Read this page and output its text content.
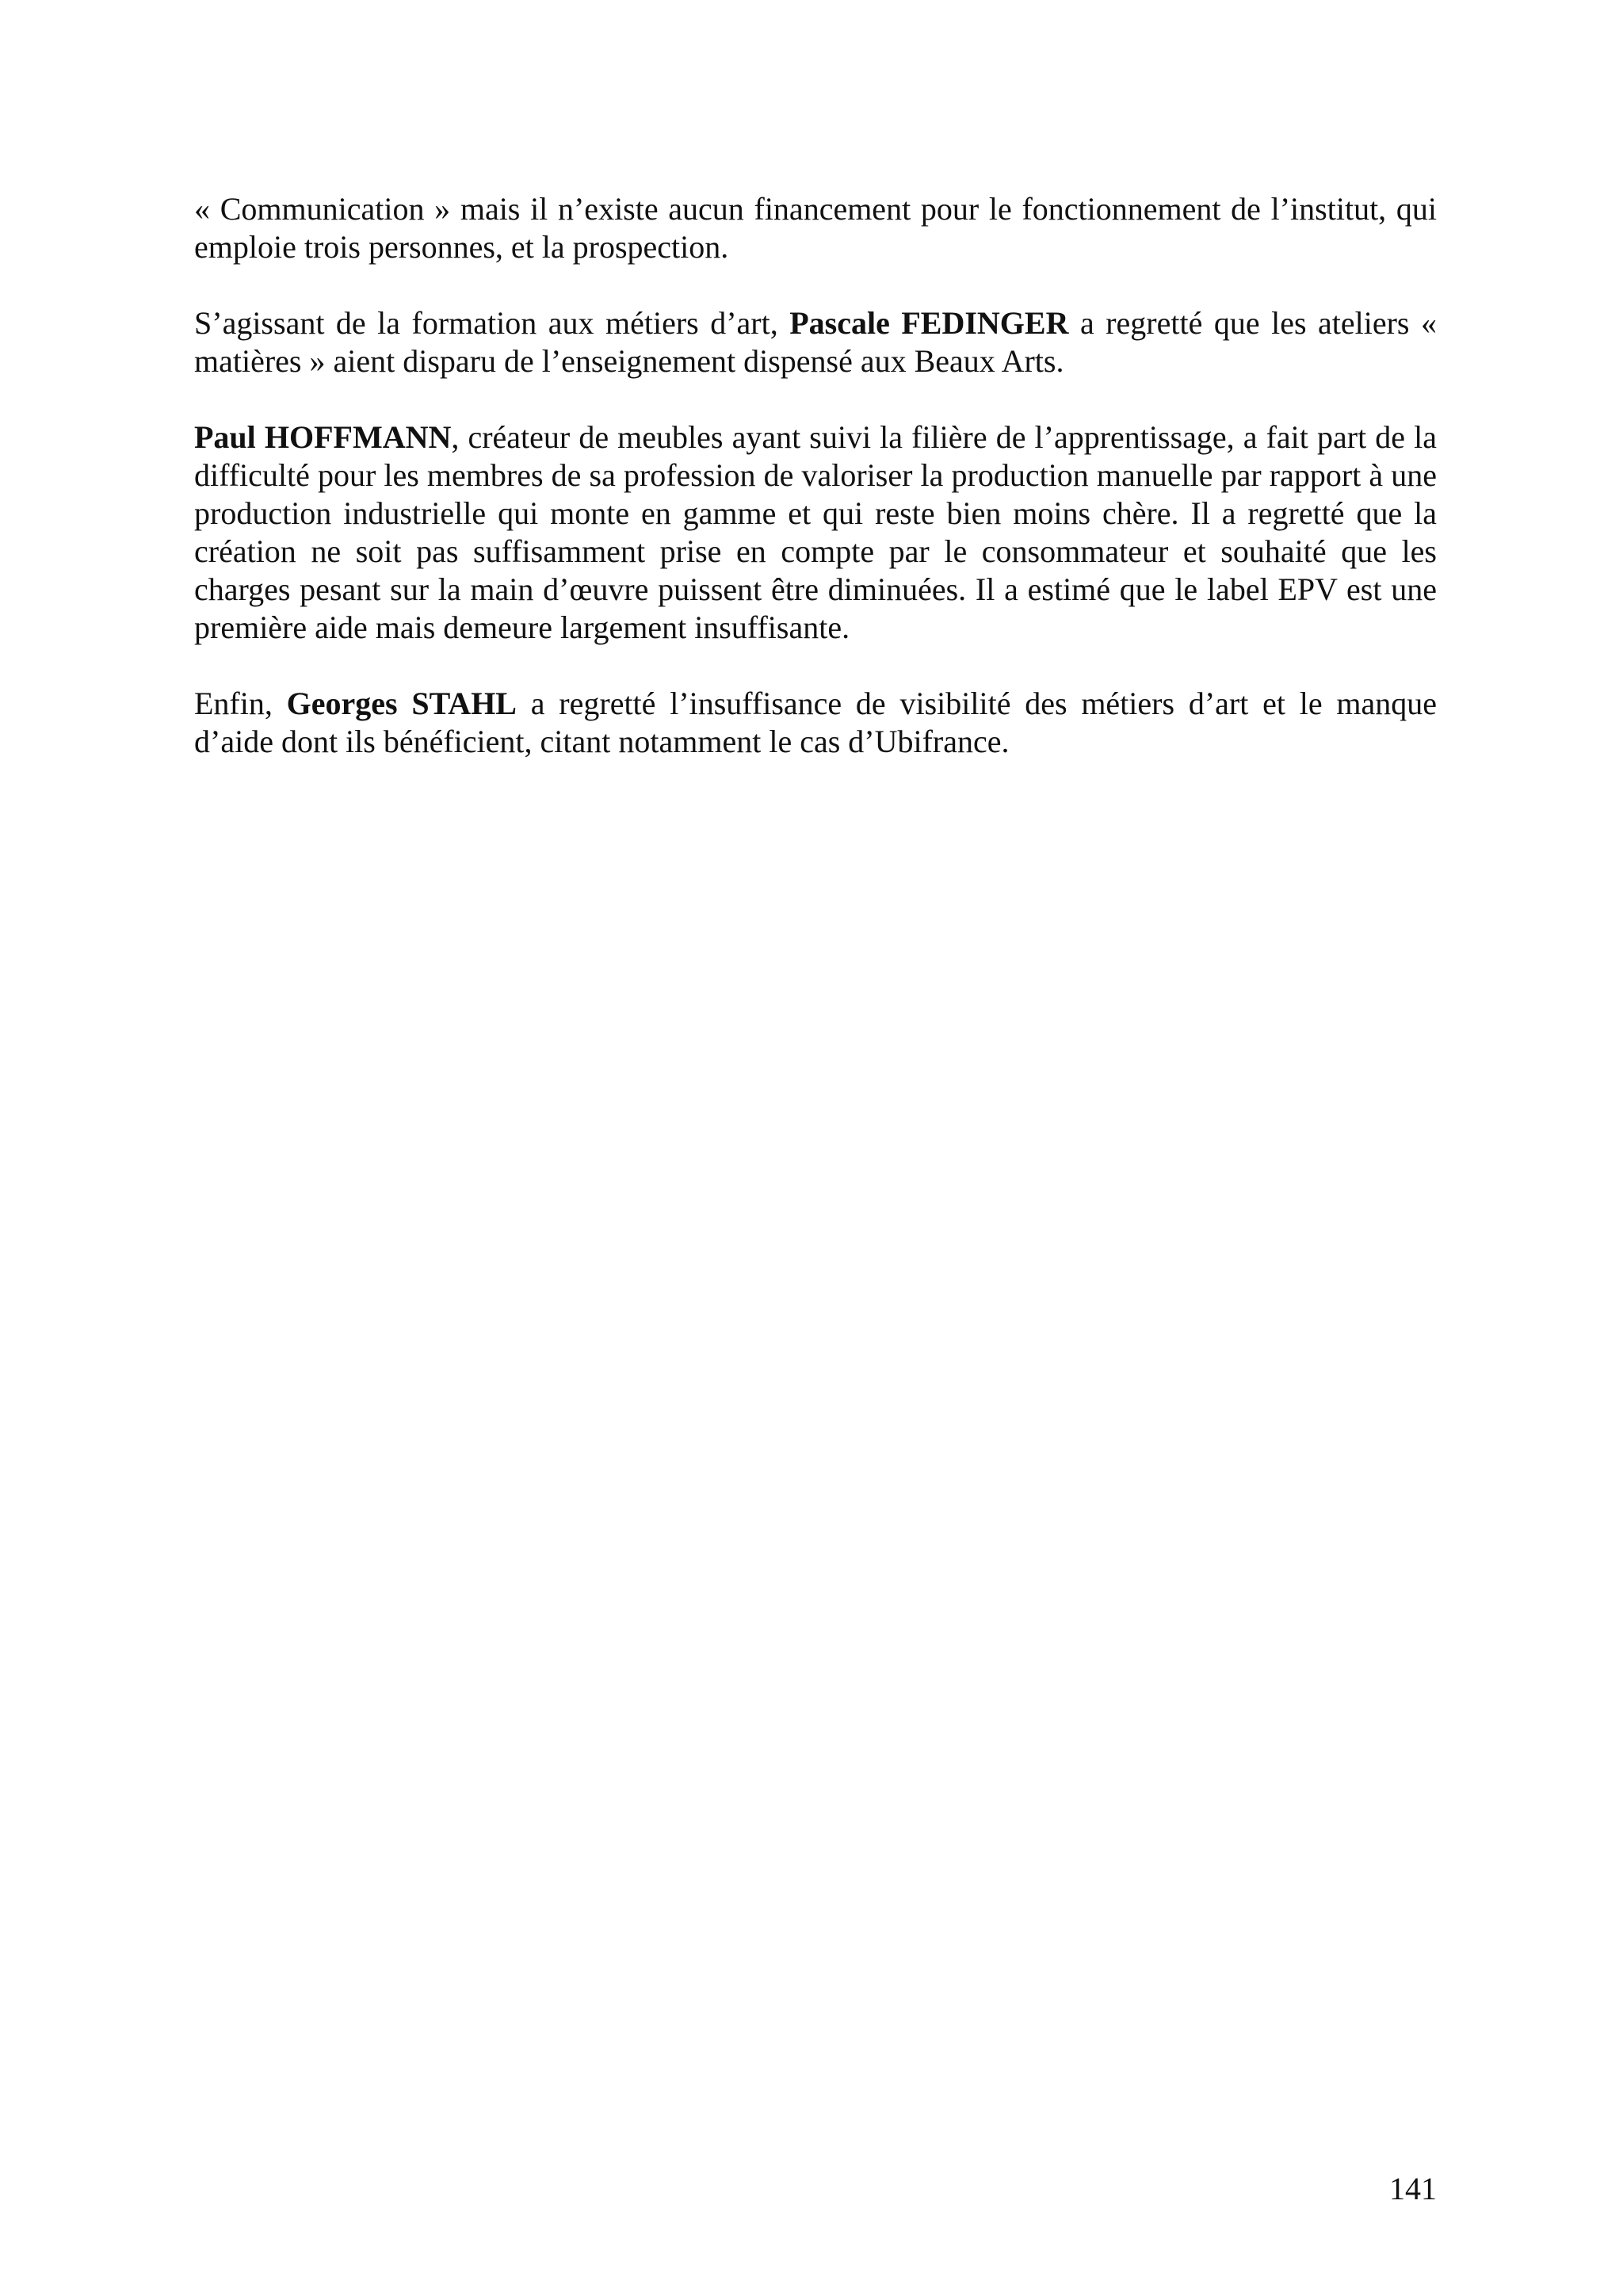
« Communication » mais il n’existe aucun financement pour le fonctionnement de l’institut, qui emploie trois personnes, et la prospection.

S’agissant de la formation aux métiers d’art, Pascale FEDINGER a regretté que les ateliers « matières » aient disparu de l’enseignement dispensé aux Beaux Arts.

Paul HOFFMANN, créateur de meubles ayant suivi la filière de l’apprentissage, a fait part de la difficulté pour les membres de sa profession de valoriser la production manuelle par rapport à une production industrielle qui monte en gamme et qui reste bien moins chère. Il a regretté que la création ne soit pas suffisamment prise en compte par le consommateur et souhaité que les charges pesant sur la main d’œuvre puissent être diminuées. Il a estimé que le label EPV est une première aide mais demeure largement insuffisante.

Enfin, Georges STAHL a regretté l’insuffisance de visibilité des métiers d’art et le manque d’aide dont ils bénéficient, citant notamment le cas d’Ubifrance.

141
